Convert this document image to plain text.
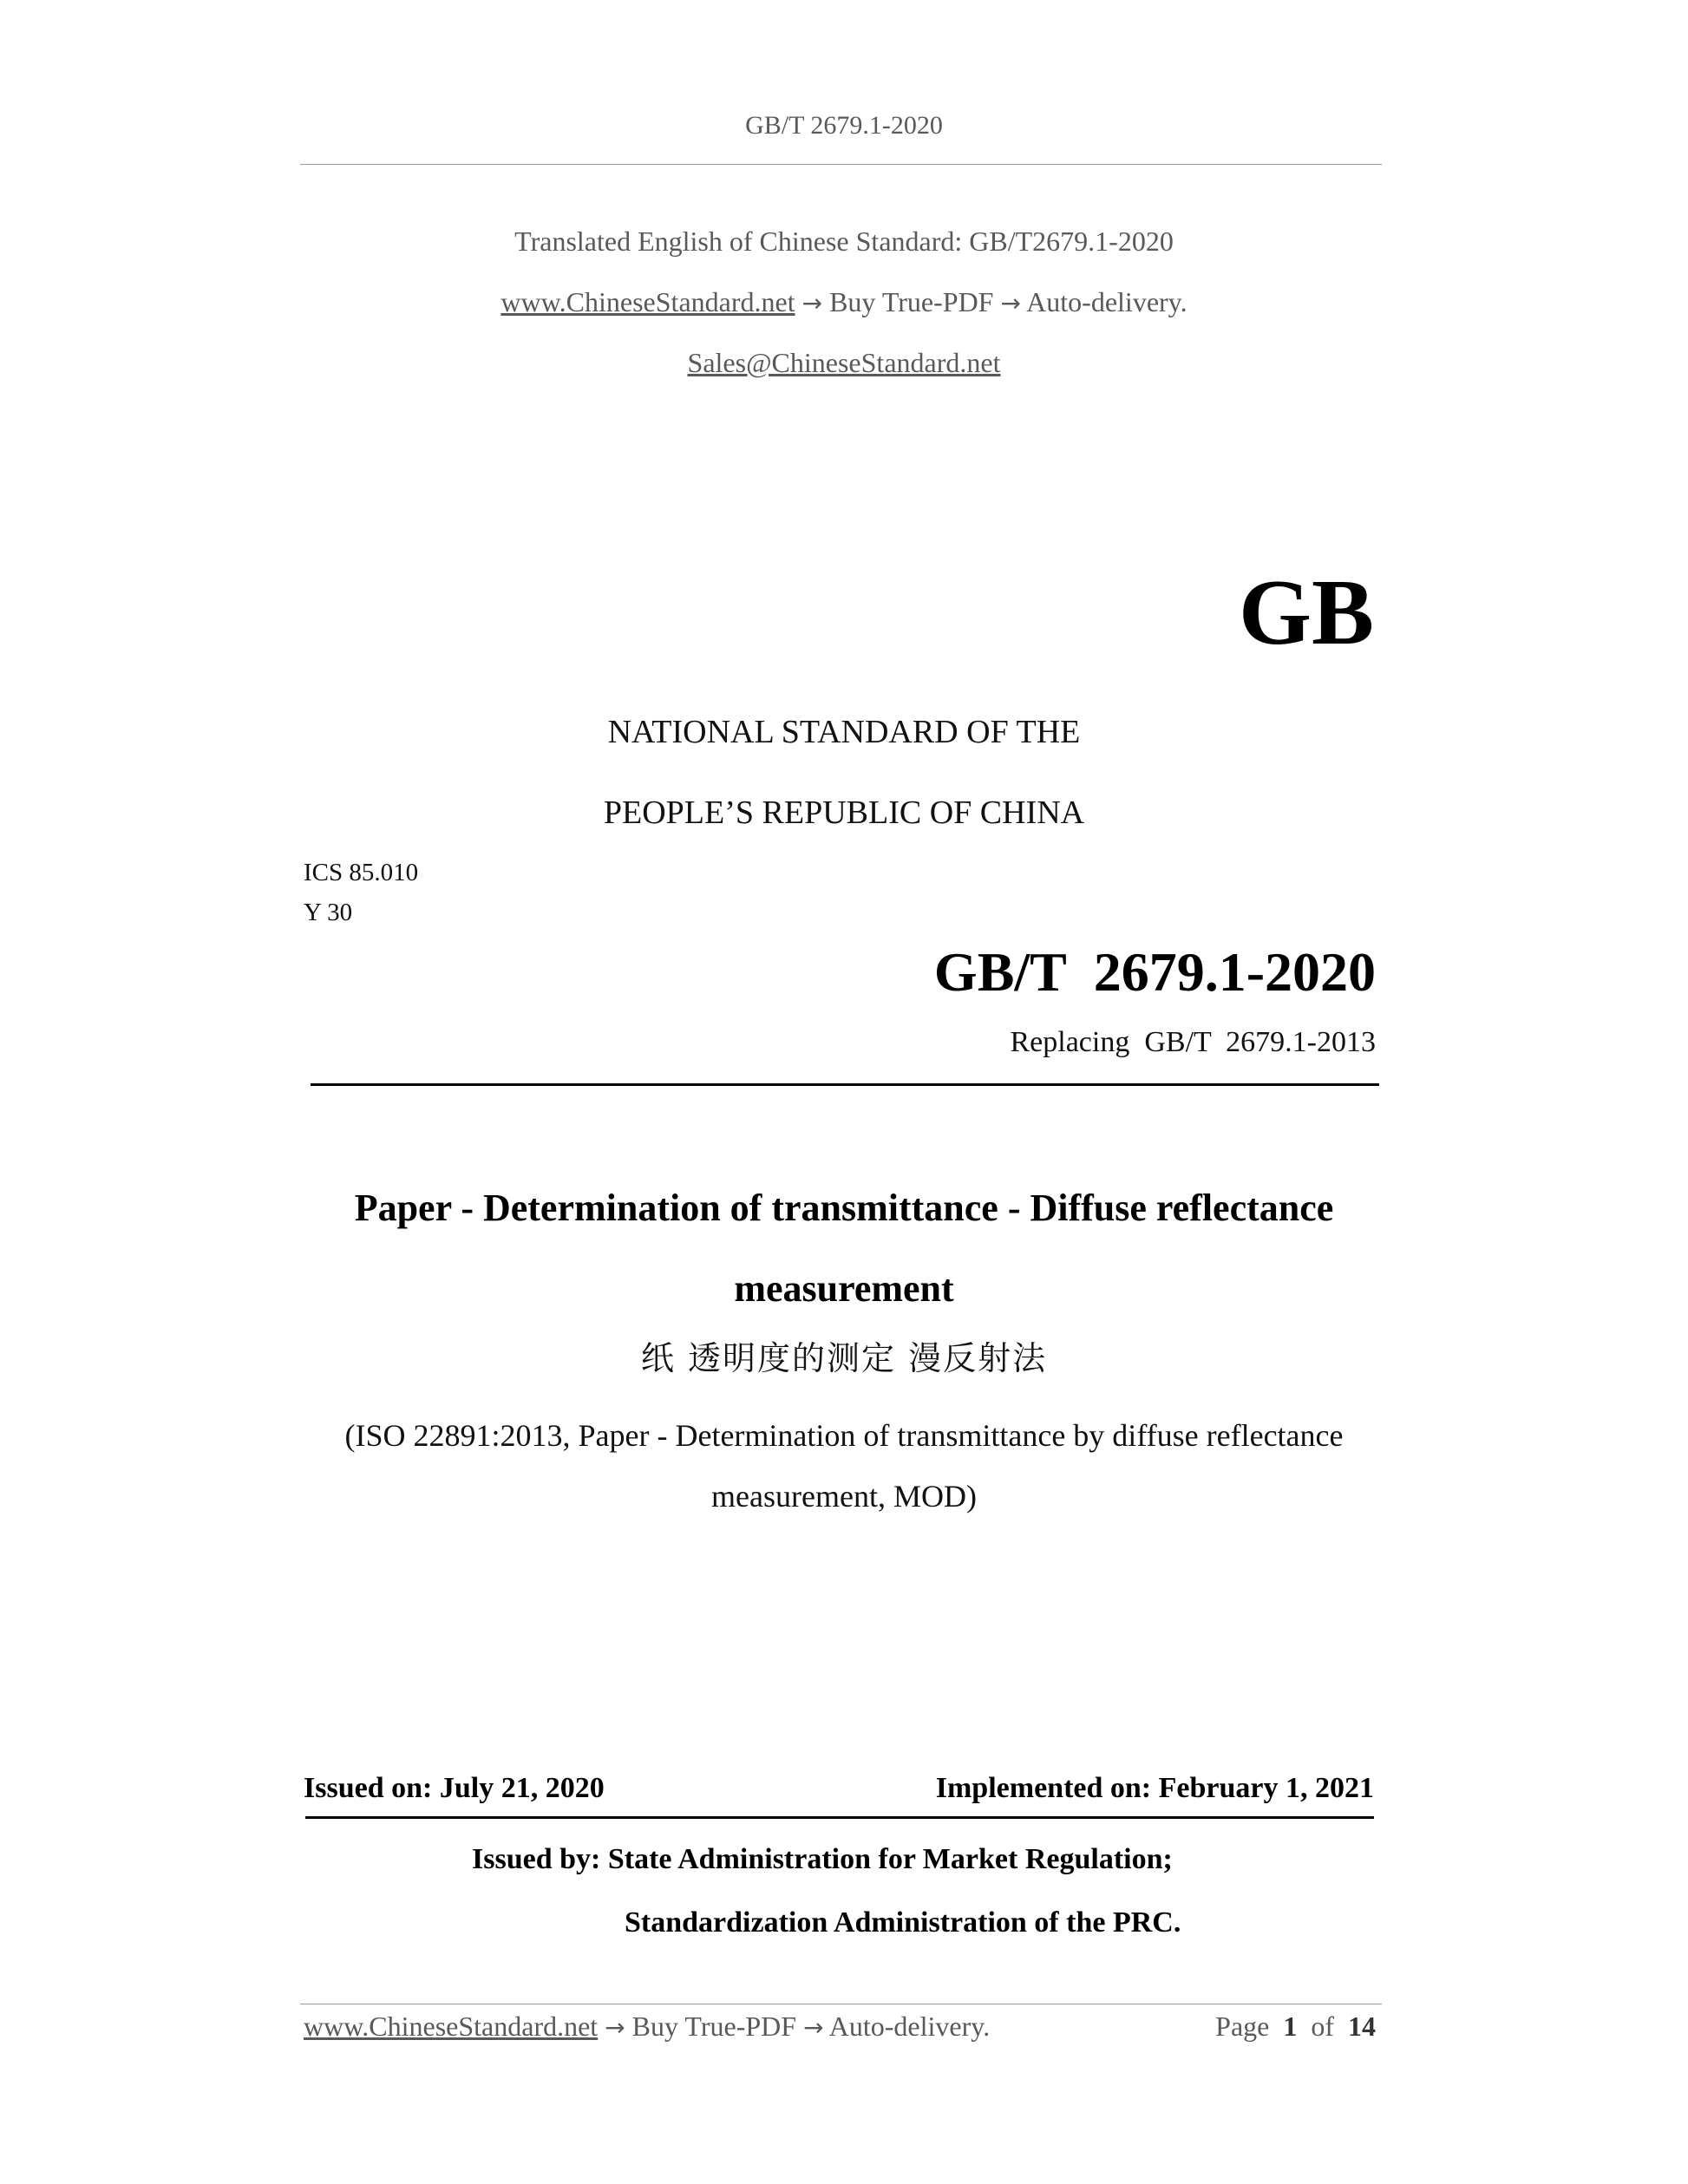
GB/T 2679.1-2020
Translated English of Chinese Standard: GB/T2679.1-2020
www.ChineseStandard.net → Buy True-PDF → Auto-delivery.
Sales@ChineseStandard.net
GB
NATIONAL STANDARD OF THE
PEOPLE’S REPUBLIC OF CHINA
ICS 85.010
Y 30
GB/T  2679.1-2020
Replacing  GB/T  2679.1-2013
Paper - Determination of transmittance - Diffuse reflectance measurement
纸 透明度的测定 漫反射法
(ISO 22891:2013, Paper - Determination of transmittance by diffuse reflectance measurement, MOD)
Issued on: July 21, 2020	Implemented on: February 1, 2021
Issued by: State Administration for Market Regulation;
Standardization Administration of the PRC.
www.ChineseStandard.net → Buy True-PDF → Auto-delivery.	Page 1 of 14
